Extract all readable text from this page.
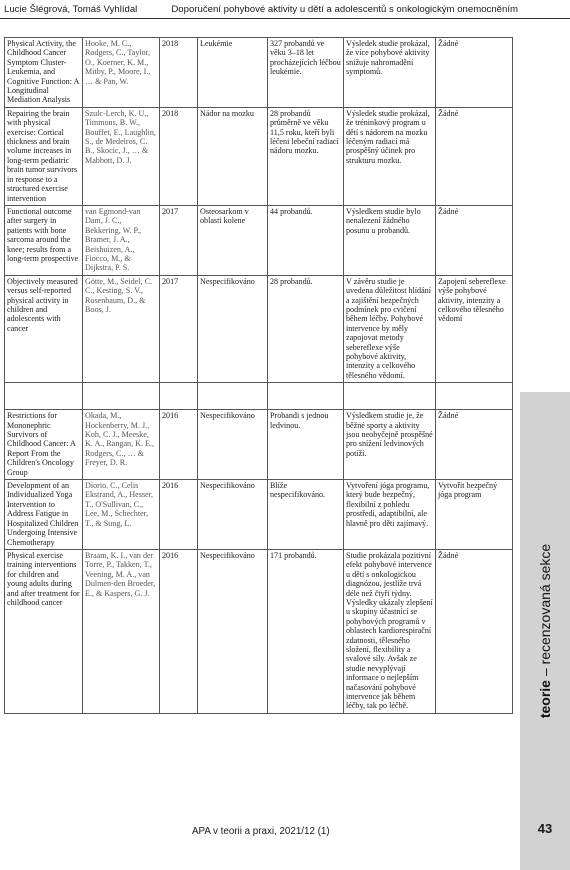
Lucie Šlégrová, Tomáš Vyhlídal	Doporučení pohybové aktivity u dětí a adolescentů s onkologickým onemocněním
Physical Activity, the Childhood Cancer Symptom Cluster-Leukemia, and Cognitive Function: A Longitudinal Mediation Analysis	Hooke, M. C., Rodgers, C., Taylor, O., Koerner, K. M., Mitby, P., Moore, I., … & Pan, W.	2018	Leukémie	327 probandů ve věku 3–18 let procházejících léčbou leukémie.	Výsledek studie prokázal, že více pohybové aktivity snižuje nahromadění symptomů.	Žádné
Repairing the brain with physical exercise: Cortical thickness and brain volume increases in long-term pediatric brain tumor survivors in response to a structured exercise intervention	Szulc-Lerch, K. U., Timmons, B. W., Bouffet, E., Laughlin, S., de Medeiros, C. B., Skocic, J., … & Mabbott, D. J.	2018	Nádor na mozku	28 probandů průměrně ve věku 11,5 roku, kteří byli léčeni lebeční radiací nádoru mozku.	Výsledek studie prokázal, že tréninkový program u dětí s nádorem na mozku léčeným radiací má prospěšný účinek pro strukturu mozku.	Žádné
Functional outcome after surgery in patients with bone sarcoma around the knee; results from a long-term prospective	van Egmond-van Dam, J. C., Bekkering, W. P., Bramer, J. A., Beishuizen, A., Fiocco, M., & Dijkstra, P. S.	2017	Osteosarkom v oblasti kolene	44 probandů.	Výsledkem studie bylo nenalezení žádného posunu u probandů.	Žádné
Objectively measured versus self-reported physical activity in children and adolescents with cancer	Götte, M., Seidel, C. C., Kesting, S. V., Rosenbaum, D., & Boos, J.	2017	Nespecifikováno	28 probandů.	V závěru studie je uvedena důležitost hlídání a zajištění bezpečných podmínek pro cvičení během léčby. Pohybové intervence by měly zapojovat metody sebereflexe výše pohybové aktivity, intenzity a celkového tělesného vědomí.	Zapojení sebereflexe výše pohybové aktivity, intenzity a celkového tělesného vědomí

Restrictions for Mononephric Survivors of Childhood Cancer: A Report From the Children's Oncology Group	Okada, M., Hockenberry, M. J., Koh, C. J., Meeske, K. A., Rangan, K. E., Rodgers, C., … & Freyer, D. R.	2016	Nespecifikováno	Probandi s jednou ledvinou.	Výsledkem studie je, že běžné sporty a aktivity jsou neobyčejně prospěšné pro snížení ledvinových potíží.	Žádné
Development of an Individualized Yoga Intervention to Address Fatigue in Hospitalized Children Undergoing Intensive Chemotherapy	Diorio, C., Celis Ekstrand, A., Hesser, T., O'Sullivan, C., Lee, M., Schechter, T., & Sung, L.	2016	Nespecifikováno	Blíže nespecifikováno.	Vytvoření jóga programu, který bude bezpečný, flexibilní z pohledu prostředí, adaptibilní, ale hlavně pro děti zajímavý.	Vytvořit bezpečný jóga program
Physical exercise training interventions for children and young adults during and after treatment for childhood cancer	Braam, K. I., van der Torre, P., Takken, T., Veening, M. A., van Dulmen-den Broeder, E., & Kaspers, G. J.	2016	Nespecifikováno	171 probandů.	Studie prokázala pozitivní efekt pohybové intervence u dětí s onkologickou diagnózou, jestliže trvá déle než čtyři týdny. Výsledky ukázaly zlepšení u skupiny účastnící se pohybových programů v oblastech kardiorespirační zdatnosti, tělesného složení, flexibility a svalové síly. Avšak ze studie nevyplývají informace o nejlepším načasování pohybové intervence jak během léčby, tak po léčbě.	Žádné
teorie – recenzovaná sekce
APA v teorii a praxi, 2021/12 (1)	43
